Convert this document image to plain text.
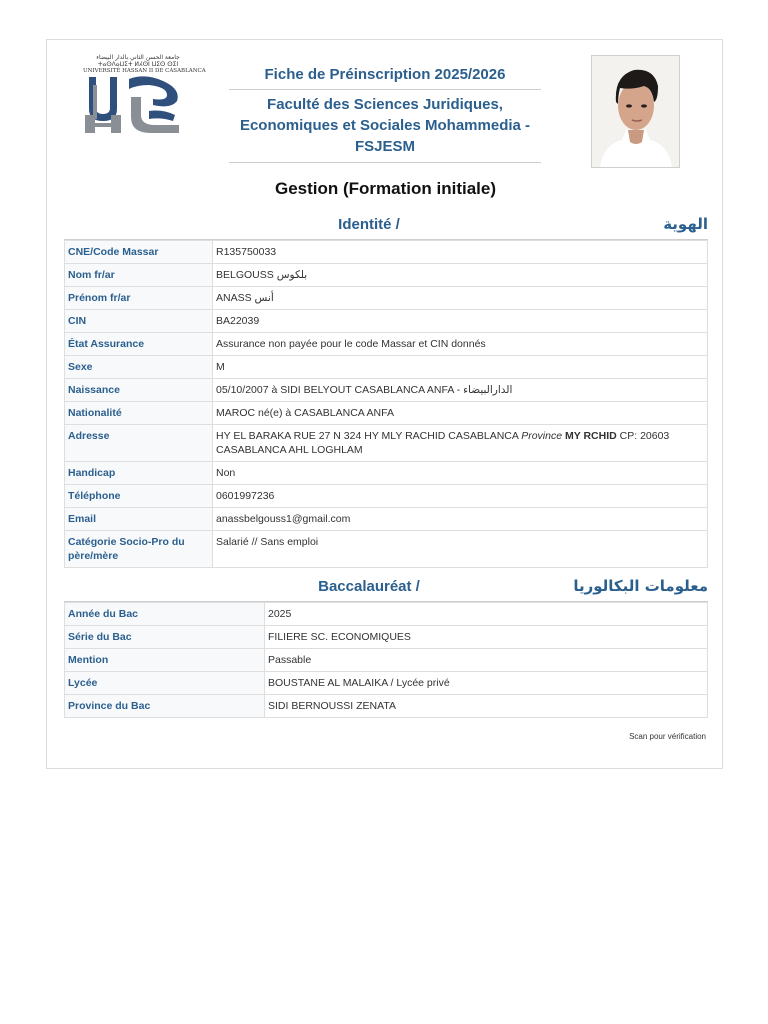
جامعة الحسن الثاني بالدار البيضاء
ⵜⴰⵙⴷⴰⵡⵉⵜ ⵍⵃⵙⵏ ⵡⵉⵙ ⵙⵉⵏ
UNIVERSITÉ HASSAN II DE CASABLANCA	Fiche de Préinscription 2025/2026
Faculté des Sciences Juridiques, Economiques et Sociales Mohammedia - FSJESM
Gestion (Formation initiale)
Identité /	الهوية
CNE/Code Massar	R135750033
Nom fr/ar	BELGOUSS بلكوس
Prénom fr/ar	ANASS أنس
CIN	BA22039
État Assurance	Assurance non payée pour le code Massar et CIN donnés
Sexe	M
Naissance	05/10/2007 à SIDI BELYOUT CASABLANCA ANFA - الدارالبيضاء
Nationalité	MAROC né(e) à CASABLANCA ANFA
Adresse	HY EL BARAKA RUE 27 N 324 HY MLY RACHID CASABLANCA Province MY RCHID CP: 20603 CASABLANCA AHL LOGHLAM
Handicap	Non
Téléphone	0601997236
Email	anassbelgouss1@gmail.com
Catégorie Socio-Pro du père/mère	Salarié // Sans emploi
Baccalauréat /	معلومات البكالوريا
Année du Bac	2025
Série du Bac	FILIERE SC. ECONOMIQUES
Mention	Passable
Lycée	BOUSTANE AL MALAIKA / Lycée privé
Province du Bac	SIDI BERNOUSSI ZENATA
Scan pour vérification
